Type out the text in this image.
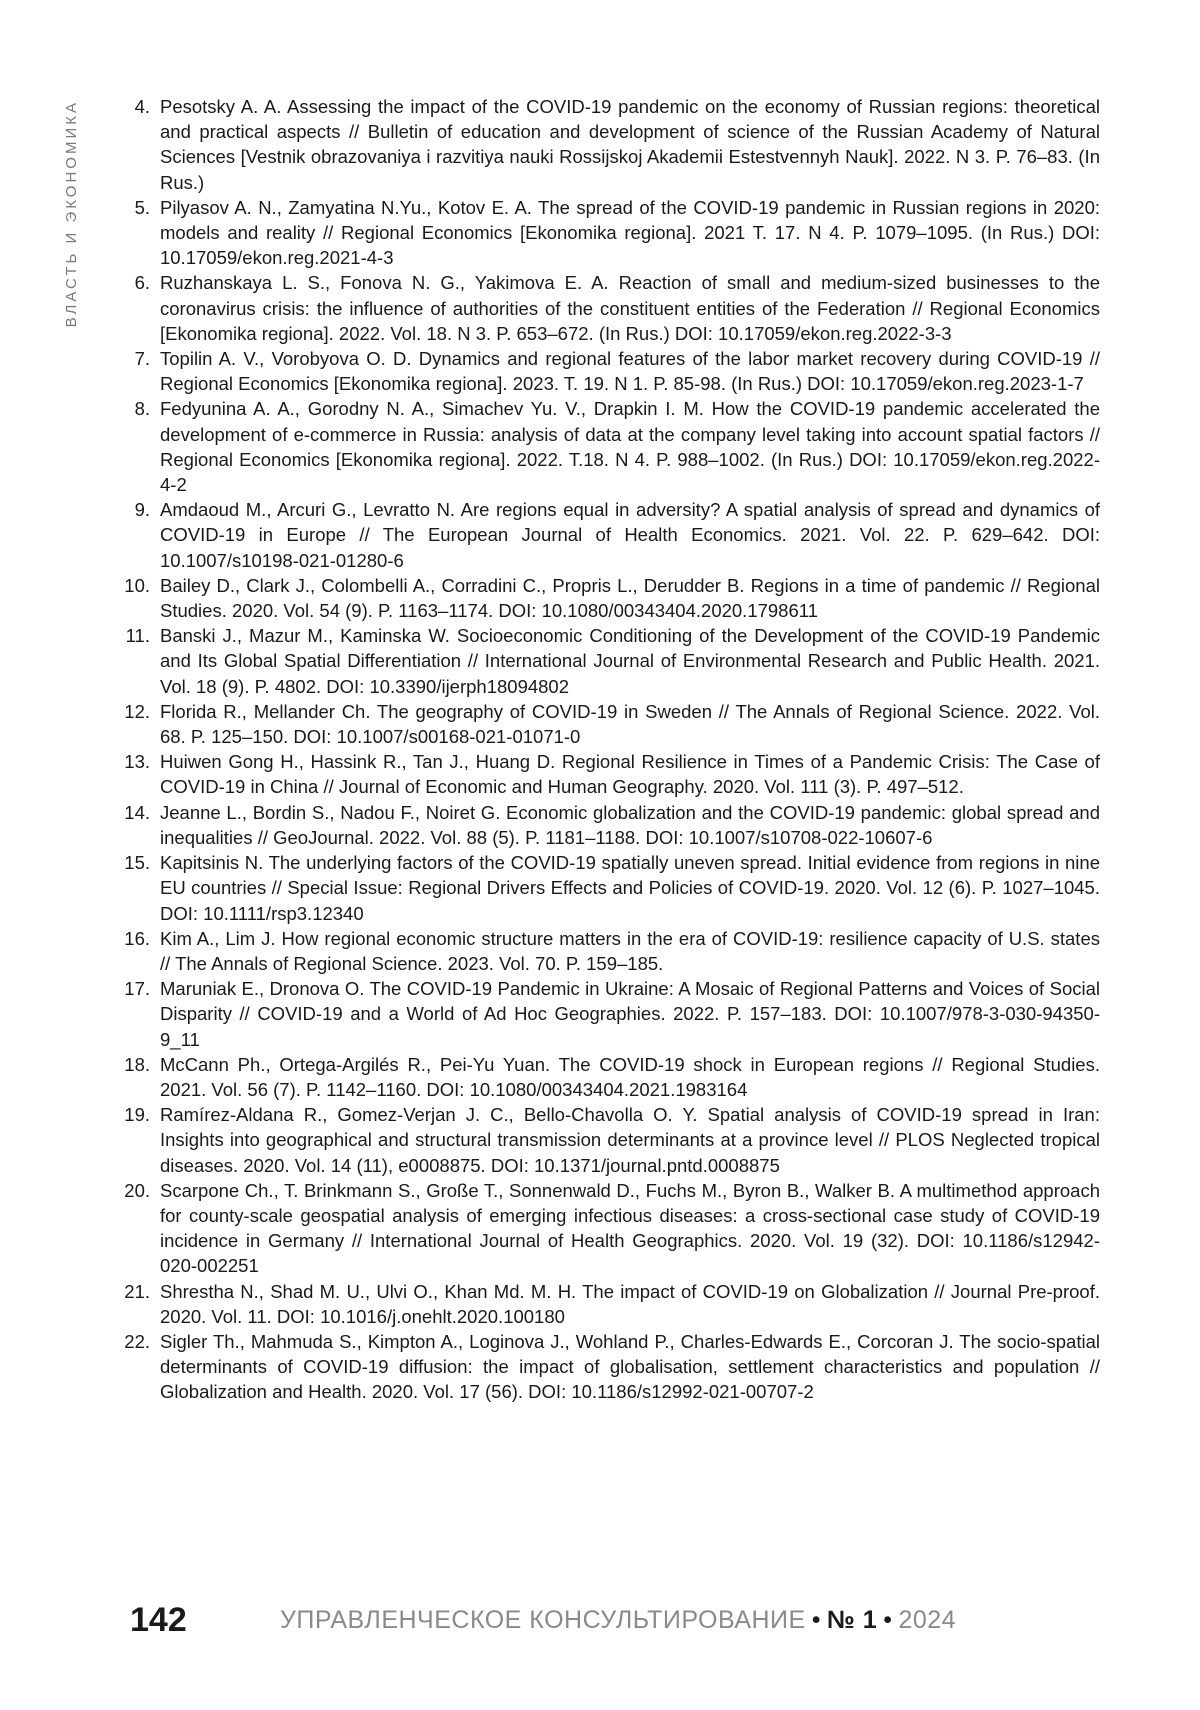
ВЛАСТЬ И ЭКОНОМИКА	4. Pesotsky A. A. Assessing the impact of the COVID-19 pandemic on the economy of Russian regions: theoretical and practical aspects // Bulletin of education and development of science of the Russian Academy of Natural Sciences [Vestnik obrazovaniya i razvitiya nauki Rossijskoj Akademii Estestvennyh Nauk]. 2022. N 3. P. 76–83. (In Rus.)
5. Pilyasov A. N., Zamyatina N.Yu., Kotov E. A. The spread of the COVID-19 pandemic in Russian regions in 2020: models and reality // Regional Economics [Ekonomika regiona]. 2021 T. 17. N 4. P. 1079–1095. (In Rus.) DOI: 10.17059/ekon.reg.2021-4-3
6. Ruzhanskaya L. S., Fonova N. G., Yakimova E. A. Reaction of small and medium-sized businesses to the coronavirus crisis: the influence of authorities of the constituent entities of the Federation // Regional Economics [Ekonomika regiona]. 2022. Vol. 18. N 3. P. 653–672. (In Rus.) DOI: 10.17059/ekon.reg.2022-3-3
7. Topilin A. V., Vorobyova O. D. Dynamics and regional features of the labor market recovery during COVID-19 // Regional Economics [Ekonomika regiona]. 2023. T. 19. N 1. P. 85-98. (In Rus.) DOI: 10.17059/ekon.reg.2023-1-7
8. Fedyunina A. A., Gorodny N. A., Simachev Yu. V., Drapkin I. M. How the COVID-19 pandemic accelerated the development of e-commerce in Russia: analysis of data at the company level taking into account spatial factors // Regional Economics [Ekonomika regiona]. 2022. T.18. N 4. P. 988–1002. (In Rus.) DOI: 10.17059/ekon.reg.2022-4-2
9. Amdaoud M., Arcuri G., Levratto N. Are regions equal in adversity? A spatial analysis of spread and dynamics of COVID-19 in Europe // The European Journal of Health Economics. 2021. Vol. 22. P. 629–642. DOI: 10.1007/s10198-021-01280-6
10. Bailey D., Clark J., Colombelli A., Corradini C., Propris L., Derudder B. Regions in a time of pandemic // Regional Studies. 2020. Vol. 54 (9). P. 1163–1174. DOI: 10.1080/00343404.2020.1798611
11. Banski J., Mazur M., Kaminska W. Socioeconomic Conditioning of the Development of the COVID-19 Pandemic and Its Global Spatial Differentiation // International Journal of Environmental Research and Public Health. 2021. Vol. 18 (9). P. 4802. DOI: 10.3390/ijerph18094802
12. Florida R., Mellander Ch. The geography of COVID-19 in Sweden // The Annals of Regional Science. 2022. Vol. 68. P. 125–150. DOI: 10.1007/s00168-021-01071-0
13. Huiwen Gong H., Hassink R., Tan J., Huang D. Regional Resilience in Times of a Pandemic Crisis: The Case of COVID-19 in China // Journal of Economic and Human Geography. 2020. Vol. 111 (3). P. 497–512.
14. Jeanne L., Bordin S., Nadou F., Noiret G. Economic globalization and the COVID-19 pandemic: global spread and inequalities // GeoJournal. 2022. Vol. 88 (5). P. 1181–1188. DOI: 10.1007/s10708-022-10607-6
15. Kapitsinis N. The underlying factors of the COVID-19 spatially uneven spread. Initial evidence from regions in nine EU countries // Special Issue: Regional Drivers Effects and Policies of COVID-19. 2020. Vol. 12 (6). P. 1027–1045. DOI: 10.1111/rsp3.12340
16. Kim A., Lim J. How regional economic structure matters in the era of COVID-19: resilience capacity of U.S. states // The Annals of Regional Science. 2023. Vol. 70. P. 159–185.
17. Maruniak E., Dronova O. The COVID-19 Pandemic in Ukraine: A Mosaic of Regional Patterns and Voices of Social Disparity // COVID-19 and a World of Ad Hoc Geographies. 2022. P. 157–183. DOI: 10.1007/978-3-030-94350-9_11
18. McCann Ph., Ortega-Argilés R., Pei-Yu Yuan. The COVID-19 shock in European regions // Regional Studies. 2021. Vol. 56 (7). P. 1142–1160. DOI: 10.1080/00343404.2021.1983164
19. Ramírez-Aldana R., Gomez-Verjan J. C., Bello-Chavolla O. Y. Spatial analysis of COVID-19 spread in Iran: Insights into geographical and structural transmission determinants at a province level // PLOS Neglected tropical diseases. 2020. Vol. 14 (11), e0008875. DOI: 10.1371/journal.pntd.0008875
20. Scarpone Ch., T. Brinkmann S., Große T., Sonnenwald D., Fuchs M., Byron B., Walker B. A multimethod approach for county-scale geospatial analysis of emerging infectious diseases: a cross-sectional case study of COVID-19 incidence in Germany // International Journal of Health Geographics. 2020. Vol. 19 (32). DOI: 10.1186/s12942-020-002251
21. Shrestha N., Shad M. U., Ulvi O., Khan Md. M. H. The impact of COVID-19 on Globalization // Journal Pre-proof. 2020. Vol. 11. DOI: 10.1016/j.onehlt.2020.100180
22. Sigler Th., Mahmuda S., Kimpton A., Loginova J., Wohland P., Charles-Edwards E., Corcoran J. The socio-spatial determinants of COVID-19 diffusion: the impact of globalisation, settlement characteristics and population // Globalization and Health. 2020. Vol. 17 (56). DOI: 10.1186/s12992-021-00707-2
142	УПРАВЛЕНЧЕСКОЕ КОНСУЛЬТИРОВАНИЕ • № 1 • 2024
